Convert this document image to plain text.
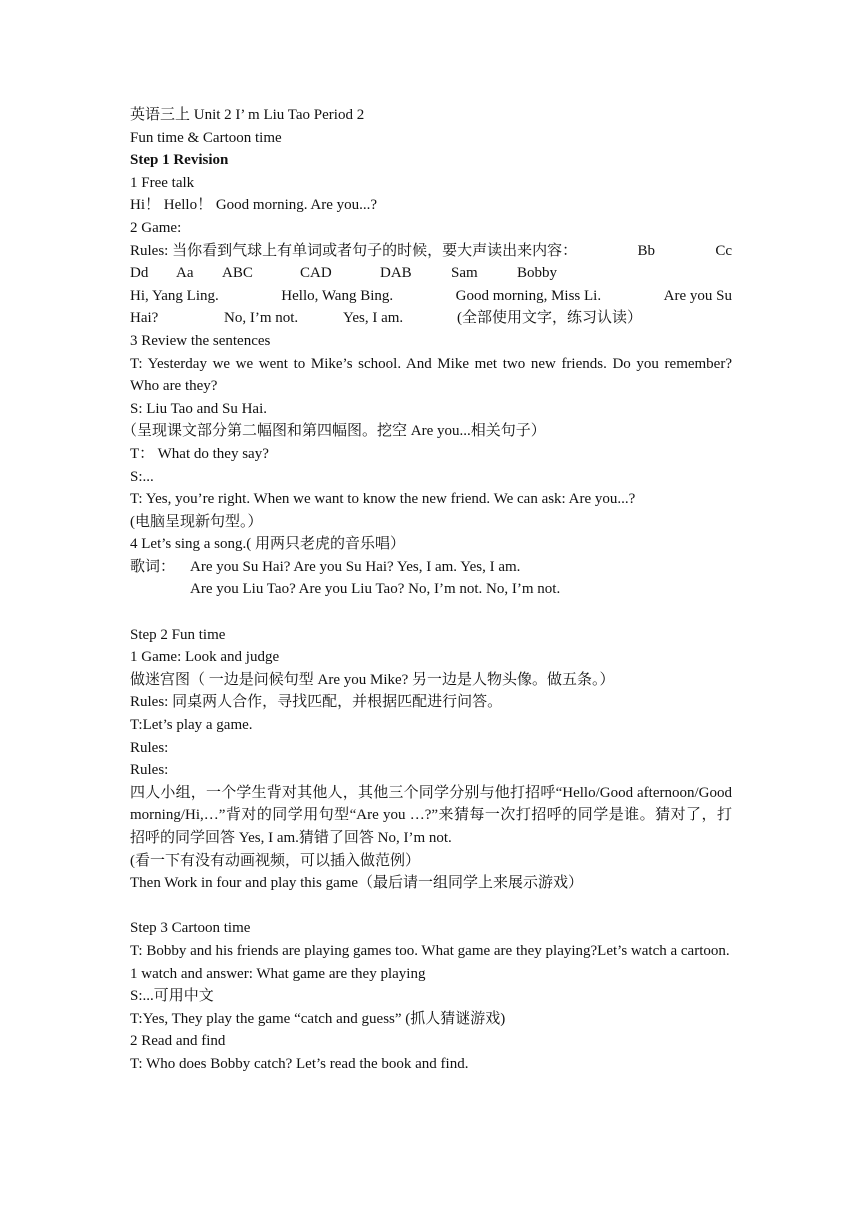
英语三上 Unit 2 I’ m Liu Tao Period 2
Fun time & Cartoon time
Step 1 Revision
1 Free talk
Hi！ Hello！ Good morning. Are you...?
2 Game:
Rules: 当你看到气球上有单词或者句子的时候，要大声读出来内容：	Bb	Cc
Dd	Aa	ABC	CAD	DAB	Sam	Bobby
Hi, Yang Ling.	Hello, Wang Bing.	Good morning, Miss Li.	Are you Su
Hai?	No, I’m not.	Yes, I am.	(全部使用文字，练习认读）
3 Review the sentences
T: Yesterday we we went to Mike’s school. And Mike met two new friends. Do you remember? Who are they?
S: Liu Tao and Su Hai.
（呈现课文部分第二幅图和第四幅图。挖空 Are you...相关句子）
T： What do they say?
S:...
T: Yes, you’re right. When we want to know the new friend. We can ask: Are you...?
(电脑呈现新句型。）
4 Let’s sing a song.( 用两只老虎的音乐唱）
歌词： Are you Su Hai? Are you Su Hai? Yes, I am. Yes, I am.
Are you Liu Tao? Are you Liu Tao? No, I’m not. No, I’m not.
Step 2 Fun time
1 Game: Look and judge
做迷宫图（ 一边是问候句型 Are you Mike? 另一边是人物头像。做五条。）
Rules: 同桌两人合作，寻找匹配，并根据匹配进行问答。
T:Let’s play a game.
Rules:
Rules:
四人小组，一个学生背对其他人，其他三个同学分别与他打招呼“Hello/Good afternoon/Good morning/Hi,…”背对的同学用句型“Are you …?”来猜每一次打招呼的同学是谁。猜对了，打招呼的同学回答 Yes, I am.猜错了回答 No, I’m not.
(看一下有没有动画视频，可以插入做范例）
Then Work in four and play this game（最后请一组同学上来展示游戏）
Step 3 Cartoon time
T: Bobby and his friends are playing games too. What game are they playing?Let’s watch a cartoon.
1 watch and answer: What game are they playing
S:...可用中文
T:Yes, They play the game “catch and guess” (抓人猜谜游戏)
2 Read and find
T: Who does Bobby catch? Let’s read the book and find.
